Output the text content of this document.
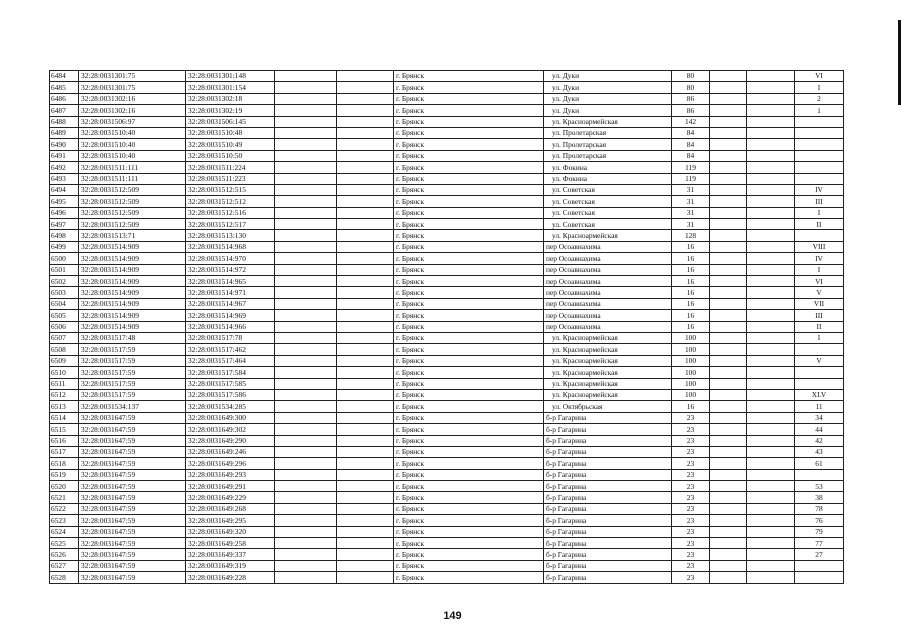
6484	32:28:0031301:75	32:28:0031301:148			г. Брянск	ул. Дуки	80			VI
6485	32:28:0031301:75	32:28:0031301:154			г. Брянск	ул. Дуки	80			I
6486	32:28:0031302:16	32:28:0031302:18			г. Брянск	ул. Дуки	86			2
6487	32:28:0031302:16	32:28:0031302:19			г. Брянск	ул. Дуки	86			1
6488	32:28:0031506:97	32:28:0031506:145			г. Брянск	ул. Красноармейская	142			
6489	32:28:0031510:40	32:28:0031510:48			г. Брянск	ул. Пролетарская	84			
6490	32:28:0031510:40	32:28:0031510:49			г. Брянск	ул. Пролетарская	84			
6491	32:28:0031510:40	32:28:0031510:50			г. Брянск	ул. Пролетарская	84			
6492	32:28:0031511:111	32:28:0031511:224			г. Брянск	ул. Фокина	119			
6493	32:28:0031511:111	32:28:0031511:223			г. Брянск	ул. Фокина	119			
6494	32:28:0031512:509	32:28:0031512:515			г. Брянск	ул. Советская	31			IV
6495	32:28:0031512:509	32:28:0031512:512			г. Брянск	ул. Советская	31			III
6496	32:28:0031512:509	32:28:0031512:516			г. Брянск	ул. Советская	31			I
6497	32:28:0031512:509	32:28:0031512:517			г. Брянск	ул. Советская	31			II
6498	32:28:0031513:71	32:28:0031513:130			г. Брянск	ул. Красноармейская	128			
6499	32:28:0031514:909	32:28:0031514:968			г. Брянск	пер Осоавиахима	16			VIII
6500	32:28:0031514:909	32:28:0031514:970			г. Брянск	пер Осоавиахима	16			IV
6501	32:28:0031514:909	32:28:0031514:972			г. Брянск	пер Осоавиахима	16			I
6502	32:28:0031514:909	32:28:0031514:965			г. Брянск	пер Осоавиахима	16			VI
6503	32:28:0031514:909	32:28:0031514:971			г. Брянск	пер Осоавиахима	16			V
6504	32:28:0031514:909	32:28:0031514:967			г. Брянск	пер Осоавиахима	16			VII
6505	32:28:0031514:909	32:28:0031514:969			г. Брянск	пер Осоавиахима	16			III
6506	32:28:0031514:909	32:28:0031514:966			г. Брянск	пер Осоавиахима	16			II
6507	32:28:0031517:48	32:28:0031517:78			г. Брянск	ул. Красноармейская	100			I
6508	32:28:0031517:59	32:28:0031517:462			г. Брянск	ул. Красноармейская	100			
6509	32:28:0031517:59	32:28:0031517:464			г. Брянск	ул. Красноармейская	100			V
6510	32:28:0031517:59	32:28:0031517:584			г. Брянск	ул. Красноармейская	100			
6511	32:28:0031517:59	32:28:0031517:585			г. Брянск	ул. Красноармейская	100			
6512	32:28:0031517:59	32:28:0031517:586			г. Брянск	ул. Красноармейская	100			XLV
6513	32:28:0031534:137	32:28:0031534:285			г. Брянск	ул. Октябрьская	16			11
6514	32:28:0031647:59	32:28:0031649:300			г. Брянск	б-р Гагарина	23			34
6515	32:28:0031647:59	32:28:0031649:302			г. Брянск	б-р Гагарина	23			44
6516	32:28:0031647:59	32:28:0031649:290			г. Брянск	б-р Гагарина	23			42
6517	32:28:0031647:59	32:28:0031649:246			г. Брянск	б-р Гагарина	23			43
6518	32:28:0031647:59	32:28:0031649:296			г. Брянск	б-р Гагарина	23			61
6519	32:28:0031647:59	32:28:0031649:293			г. Брянск	б-р Гагарина	23			
6520	32:28:0031647:59	32:28:0031649:291			г. Брянск	б-р Гагарина	23			53
6521	32:28:0031647:59	32:28:0031649:229			г. Брянск	б-р Гагарина	23			38
6522	32:28:0031647:59	32:28:0031649:268			г. Брянск	б-р Гагарина	23			78
6523	32:28:0031647:59	32:28:0031649:295			г. Брянск	б-р Гагарина	23			76
6524	32:28:0031647:59	32:28:0031649:320			г. Брянск	б-р Гагарина	23			79
6525	32:28:0031647:59	32:28:0031649:258			г. Брянск	б-р Гагарина	23			77
6526	32:28:0031647:59	32:28:0031649:337			г. Брянск	б-р Гагарина	23			27
6527	32:28:0031647:59	32:28:0031649:319			г. Брянск	б-р Гагарина	23			
6528	32:28:0031647:59	32:28:0031649:228			г. Брянск	б-р Гагарина	23			
149
